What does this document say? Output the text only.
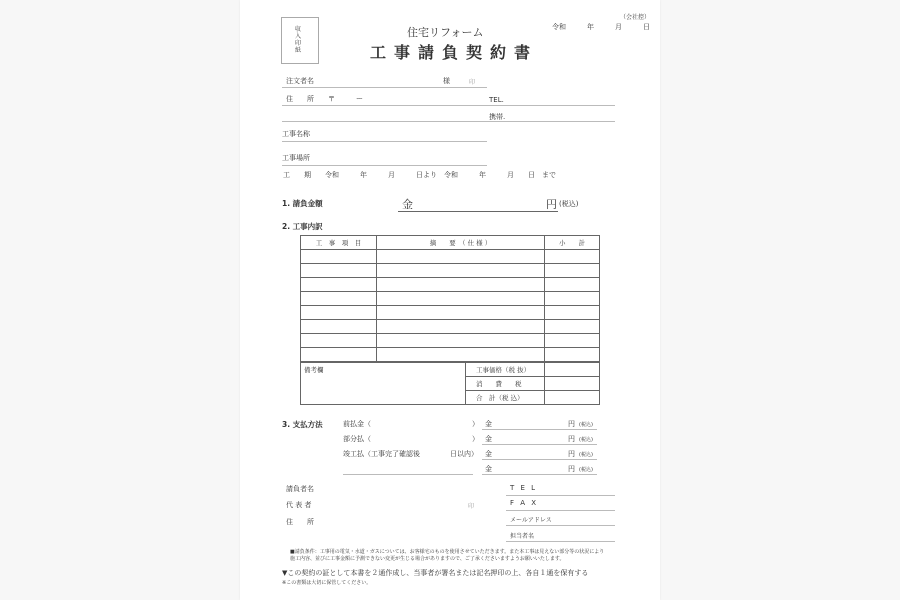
収入印紙
（会社控）
令和　　　年　　　月　　　日
住宅リフォーム
工事請負契約書
注文者名	様	印
住　　所　　〒　　　ー	TEL.
携帯.
工事名称
工事場所
工　　期　　令和　　　年　　　月　　　日より　令和　　　年　　　月　　日　まで
1. 請負金額	金	円 (税込)
2. 工事内訳
工　事　項　目	摘　　要　（ 仕 様 ）	小　　計

備考欄	工事価格（税 抜）	
	消　　費　　税	
	合　計（税 込）	
3. 支払方法	前払金（	） 金	円 (税込)
部分払（	） 金	円 (税込)
竣工払（工事完了確認後	日以内） 金	円 (税込)
金	円 (税込)
請負者名	T E L
代 表 者	印	F A X
メールアドレス
住　　所
担当者名
■請負条件：工事用の電気・水道・ガスについては、お客様宅のものを使用させていただきます。また本工事は見えない部分等の状況により
施工内容、並びに工事金額に予測できない変更が生じる場合がありますので、ご了承くださいますようお願いいたします。
▼この契約の証として本書を２通作成し、当事者が署名または記名押印の上、各自１通を保有する
※この書類は大切に保管してください。
